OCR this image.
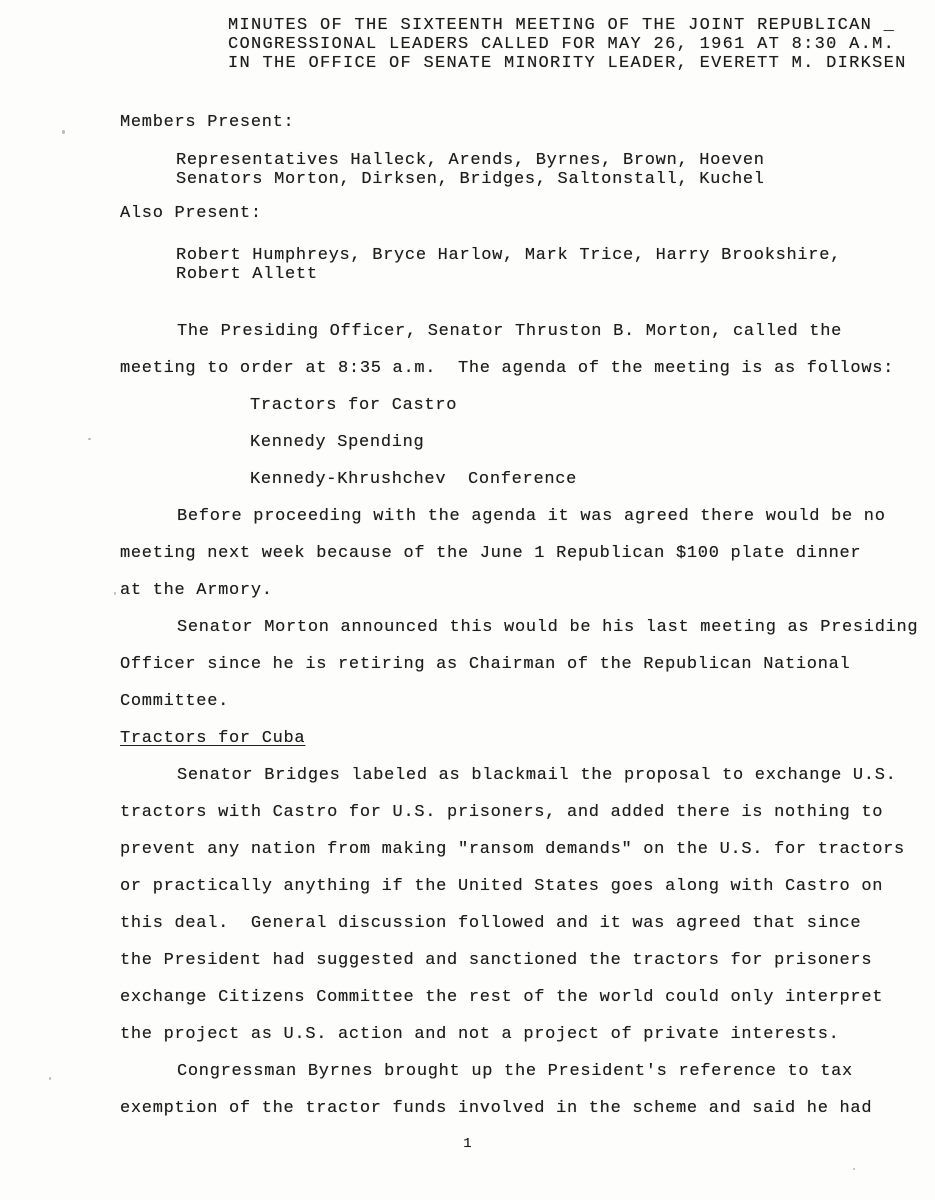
MINUTES OF THE SIXTEENTH MEETING OF THE JOINT REPUBLICAN _
CONGRESSIONAL LEADERS CALLED FOR MAY 26, 1961 AT 8:30 A.M.
IN THE OFFICE OF SENATE MINORITY LEADER, EVERETT M. DIRKSEN
Members Present:
Representatives Halleck, Arends, Byrnes, Brown, Hoeven
Senators Morton, Dirksen, Bridges, Saltonstall, Kuchel
Also Present:
Robert Humphreys, Bryce Harlow, Mark Trice, Harry Brookshire,
Robert Allett
The Presiding Officer, Senator Thruston B. Morton, called the
meeting to order at 8:35 a.m.  The agenda of the meeting is as follows:
Tractors for Castro
Kennedy Spending
Kennedy-Khrushchev  Conference
Before proceeding with the agenda it was agreed there would be no
meeting next week because of the June 1 Republican $100 plate dinner
at the Armory.
Senator Morton announced this would be his last meeting as Presiding
Officer since he is retiring as Chairman of the Republican National
Committee.
Tractors for Cuba
Senator Bridges labeled as blackmail the proposal to exchange U.S.
tractors with Castro for U.S. prisoners, and added there is nothing to
prevent any nation from making "ransom demands" on the U.S. for tractors
or practically anything if the United States goes along with Castro on
this deal.  General discussion followed and it was agreed that since
the President had suggested and sanctioned the tractors for prisoners
exchange Citizens Committee the rest of the world could only interpret
the project as U.S. action and not a project of private interests.
Congressman Byrnes brought up the President's reference to tax
exemption of the tractor funds involved in the scheme and said he had
1
